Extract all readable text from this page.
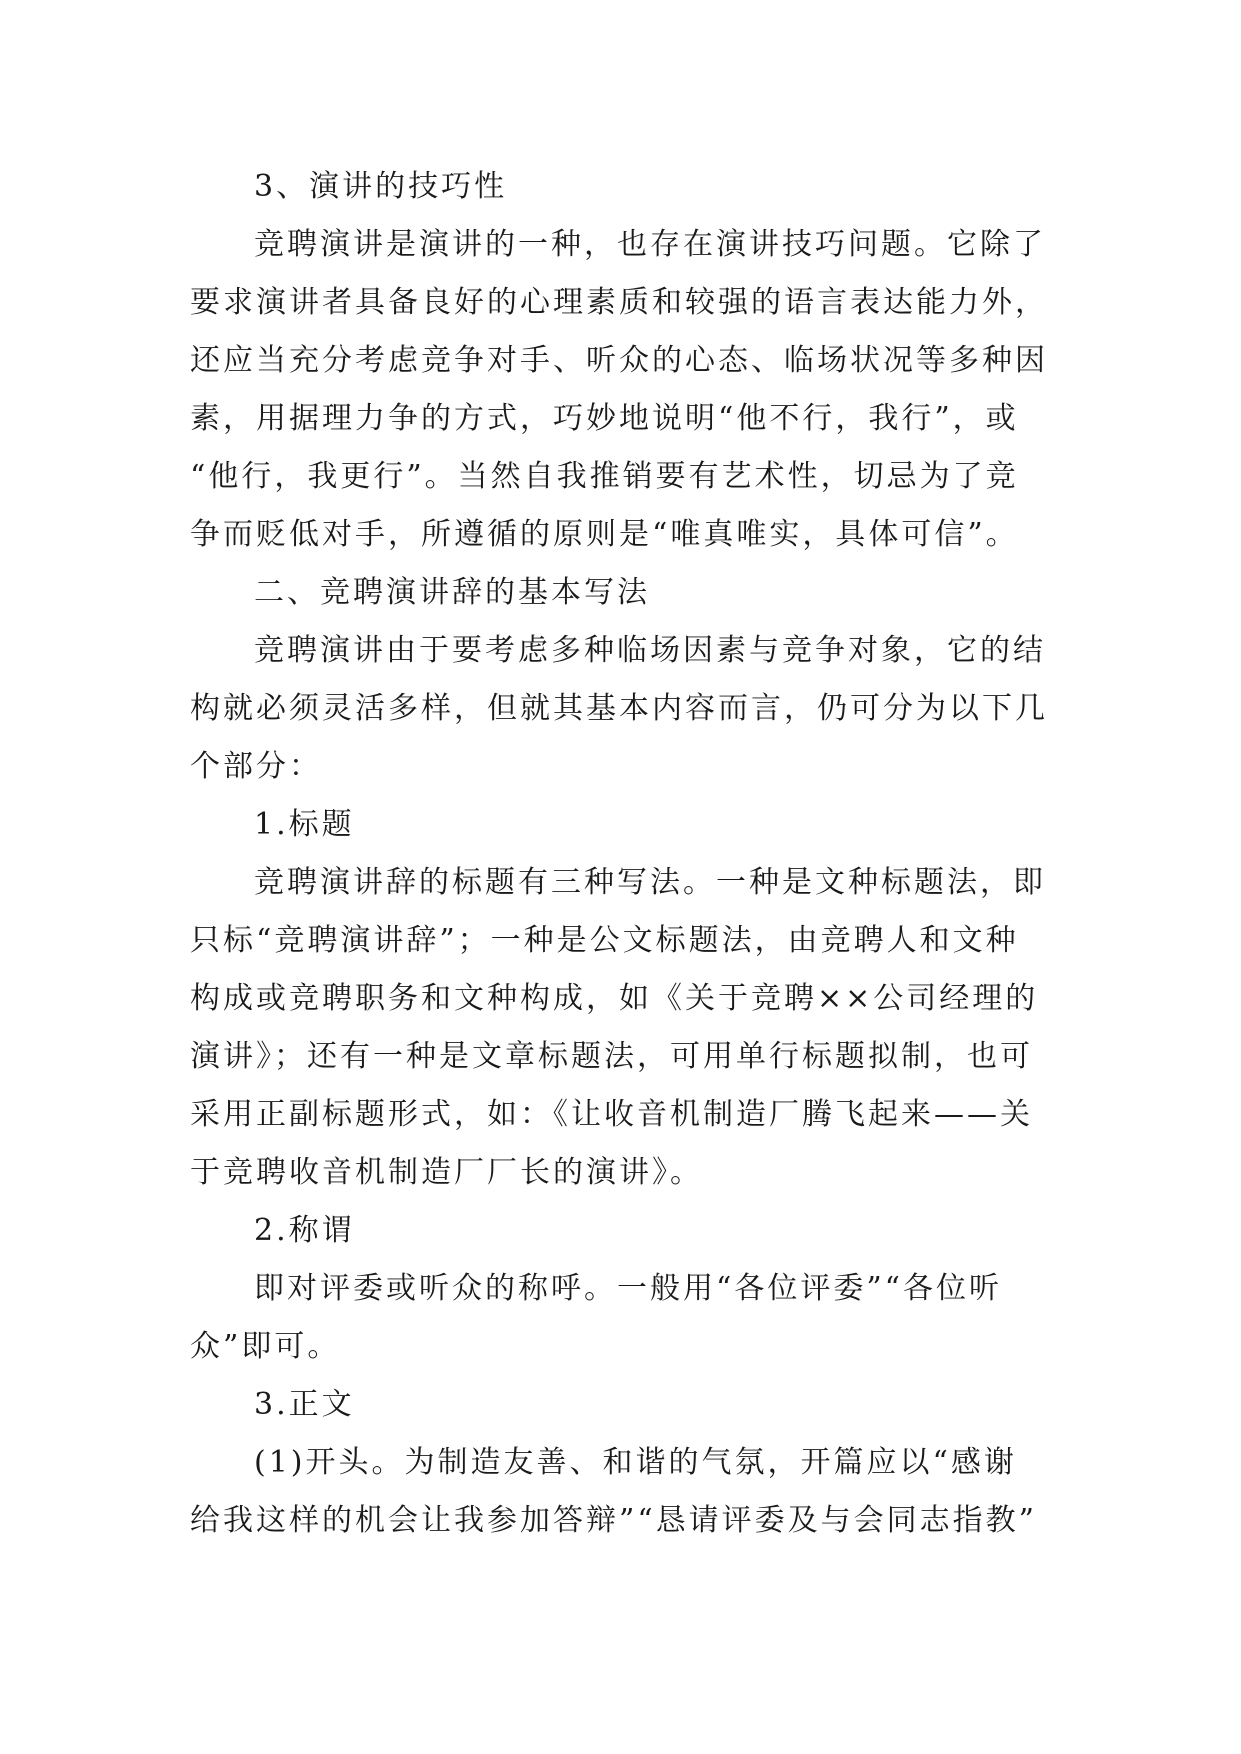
3、演讲的技巧性
竞聘演讲是演讲的一种，也存在演讲技巧问题。它除了
要求演讲者具备良好的心理素质和较强的语言表达能力外，
还应当充分考虑竞争对手、听众的心态、临场状况等多种因
素，用据理力争的方式，巧妙地说明“他不行，我行”，或
“他行，我更行”。当然自我推销要有艺术性，切忌为了竞
争而贬低对手，所遵循的原则是“唯真唯实，具体可信”。
二、竞聘演讲辞的基本写法
竞聘演讲由于要考虑多种临场因素与竞争对象，它的结
构就必须灵活多样，但就其基本内容而言，仍可分为以下几
个部分：
1.标题
竞聘演讲辞的标题有三种写法。一种是文种标题法，即
只标“竞聘演讲辞”；一种是公文标题法，由竞聘人和文种
构成或竞聘职务和文种构成，如《关于竞聘××公司经理的
演讲》；还有一种是文章标题法，可用单行标题拟制，也可
采用正副标题形式，如：《让收音机制造厂腾飞起来——关
于竞聘收音机制造厂厂长的演讲》。
2.称谓
即对评委或听众的称呼。一般用“各位评委”“各位听
众”即可。
3.正文
(1)开头。为制造友善、和谐的气氛，开篇应以“感谢
给我这样的机会让我参加答辩”“恳请评委及与会同志指教”
